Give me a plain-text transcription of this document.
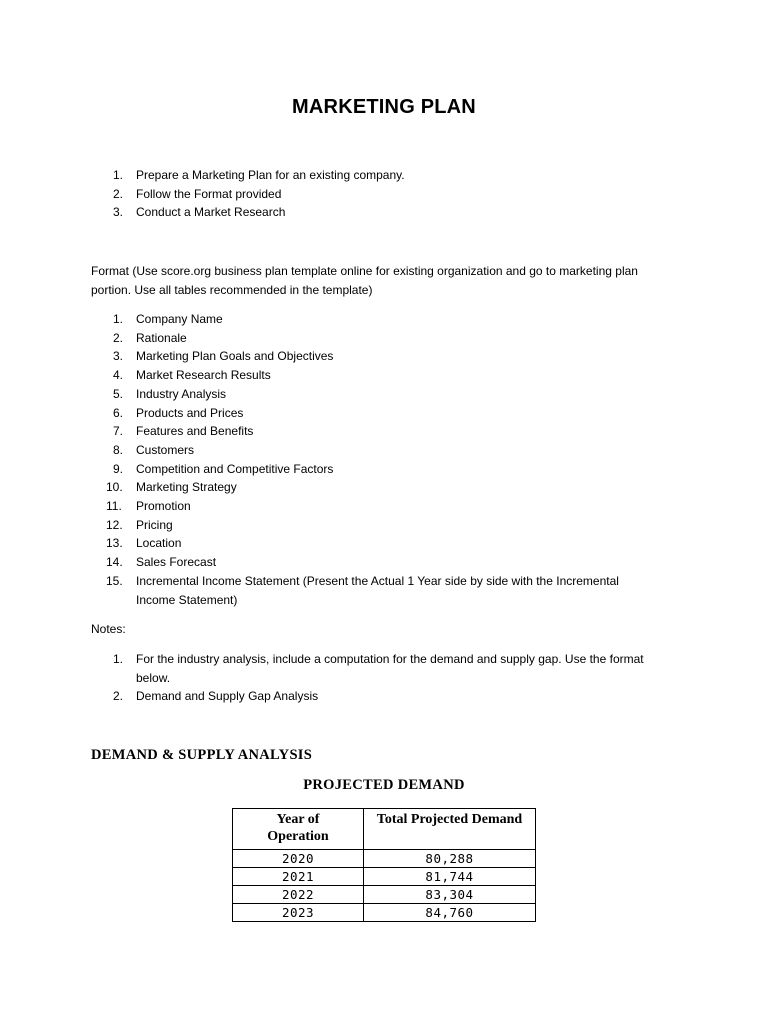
MARKETING PLAN
1. Prepare a Marketing Plan for an existing company.
2. Follow the Format provided
3. Conduct a Market Research
Format (Use score.org business plan template online for existing organization and go to marketing plan
portion. Use all tables recommended in the template)
1. Company Name
2. Rationale
3. Marketing Plan Goals and Objectives
4. Market Research Results
5. Industry Analysis
6. Products and Prices
7. Features and Benefits
8. Customers
9. Competition and Competitive Factors
10. Marketing Strategy
11. Promotion
12. Pricing
13. Location
14. Sales Forecast
15. Incremental Income Statement (Present the Actual 1 Year side by side with the Incremental
Income Statement)
Notes:
1. For the industry analysis, include a computation for the demand and supply gap. Use the format
below.
2. Demand and Supply Gap Analysis
DEMAND & SUPPLY ANALYSIS
PROJECTED DEMAND
Year of
Operation	Total Projected Demand
2020	80,288
2021	81,744
2022	83,304
2023	84,760
